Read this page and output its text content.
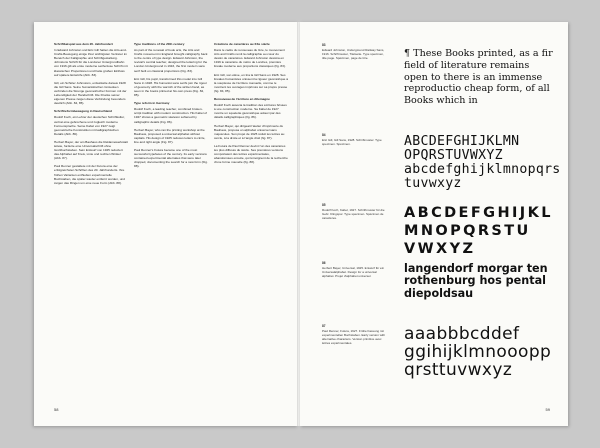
Schriftbeispiel aus dem 20. Jahrhundert

In Edward Johnston und Eric Gill hatten die Arts-and-Crafts-Bewegung einige ihrer wichtigsten Vertreter im Bereich der Kalligraphie und Schriftgestaltung. Johnstons Schrift für die Londoner Untergrundbahn von 1916 gilt als erste moderne serifenlose Schrift mit klassischen Proportionen und hatte großen Einfluss auf spätere Entwürfe (Abb. 83).

Gill, ein Schüler Johnstons, entwickelte daraus 1928 die Gill Sans. Seine humanistischen Grotesken verbinden die Strenge geometrischer Formen mit der Lebendigkeit der Handschrift. Die Drucke seiner eigenen Presse zeigen diese Verbindung besonders deutlich (Abb. 84, 85).

Schriftreformbewegung in Deutschland

Rudolf Koch, ein Lehrer der deutschen Schriftkultur, vertrat eine gebrochene und zugleich moderne Formensprache. Seine Kabel von 1927 zeigt geometrische Konstruktion mit kalligraphischen Details (Abb. 86).

Herbert Bayer, der am Bauhaus die Reklamewerkstatt leitete, forderte eine Universalschrift ohne Großbuchstaben. Sein Entwurf von 1925 reduziert das Alphabet auf Kreis, Linie und rechten Winkel (Abb. 87).

Paul Renner gestaltete mit der Futura eine der erfolgreichsten Schriften des 20. Jahrhunderts. Ihre frühen Varianten enthielten experimentelle Buchstaben, die später wieder entfernt wurden, und zeigen das Ringen um eine neue Form (Abb. 88).

Type traditions of the 20th century

As part of the renewal of book arts, the Arts and Crafts movement in England brought calligraphy back to the centre of type design. Edward Johnston, the revival's central teacher, designed the lettering for the London Underground in 1916, the first modern sans serif built on classical proportions (Fig. 83).

Eric Gill, his pupil, transformed this model into Gill Sans in 1928. His humanist sans serifs join the rigour of geometry with the warmth of the written hand, as seen in the books printed at his own press (Fig. 84, 85).

Type reform in Germany

Rudolf Koch, a leading teacher, combined broken-script tradition with modern construction. His Kabel of 1927 shows a geometric skeleton softened by calligraphic details (Fig. 86).

Herbert Bayer, who ran the printing workshop at the Bauhaus, proposed a universal alphabet without capitals. His design of 1925 reduces letters to circle, line and right angle (Fig. 87).

Paul Renner's Futura became one of the most successful typefaces of the century. Its early versions contained experimental alternates that were later dropped, documenting the search for a new form (Fig. 88).

Créations de caractères au XXe siècle

Dans le cadre du renouveau du livre, le mouvement Arts and Crafts remit la calligraphie au cœur du dessin de caractères. Edward Johnston dessina en 1916 le caractère du métro de Londres, première linéale moderne aux proportions classiques (fig. 83).

Eric Gill, son élève, en tira la Gill Sans en 1928. Ses linéales humanistes unissent la rigueur géométrique à la souplesse de l'écriture manuelle, comme le montrent les ouvrages imprimés sur sa propre presse (fig. 84, 85).

Renouveau de l'écriture en Allemagne

Rudolf Koch associa la tradition des écritures brisées à une construction moderne. Sa Kabel de 1927 montre un squelette géométrique adouci par des détails calligraphiques (fig. 86).

Herbert Bayer, qui dirigeait l'atelier d'imprimerie du Bauhaus, proposa un alphabet universel sans majuscules. Son projet de 1925 réduit les lettres au cercle, à la droite et à l'angle droit (fig. 87).

La Futura de Paul Renner devint l'un des caractères les plus diffusés du siècle. Ses premières versions comportaient des lettres expérimentales, abandonnées ensuite, qui témoignent de la recherche d'une forme nouvelle (fig. 88).

58
83
Edward Johnston, Underground Railway Sans, 1916. Schriftmuster, Titelseite. Type specimen, title page. Spécimen, page de titre.
84
Eric Gill, Gill Sans, 1928. Schriftmuster. Type specimen. Spécimen.
85
Rudolf Koch, Kabel, 1927. Schriftmuster für die Gebr. Klingspor. Type specimen. Spécimen de caractères.
86
Herbert Bayer, Universal, 1925. Entwurf für ein Universalalphabet. Design for a universal alphabet. Projet d'alphabet universel.
87
Paul Renner, Futura, 1927. Frühe Fassung mit experimentellen Buchstaben. Early version with alternative characters. Version primitive avec lettres expérimentales.
¶ These Books printed, as a fir field of literature remains open to there is an immense reproductio cheap form, of all Books which in
ABCDEFGHIJKLMN OPQRSTUVWXYZ abcdefghijklmnopqrs tuvwxyz
ABCDEFGHIJKL MNOPQRSTU VWXYZ
langendorf morgar ten rothenburg hos pental diepoldsau
aaabbbcddef ggihijklmnooopp qrsttuvwxyz
59
